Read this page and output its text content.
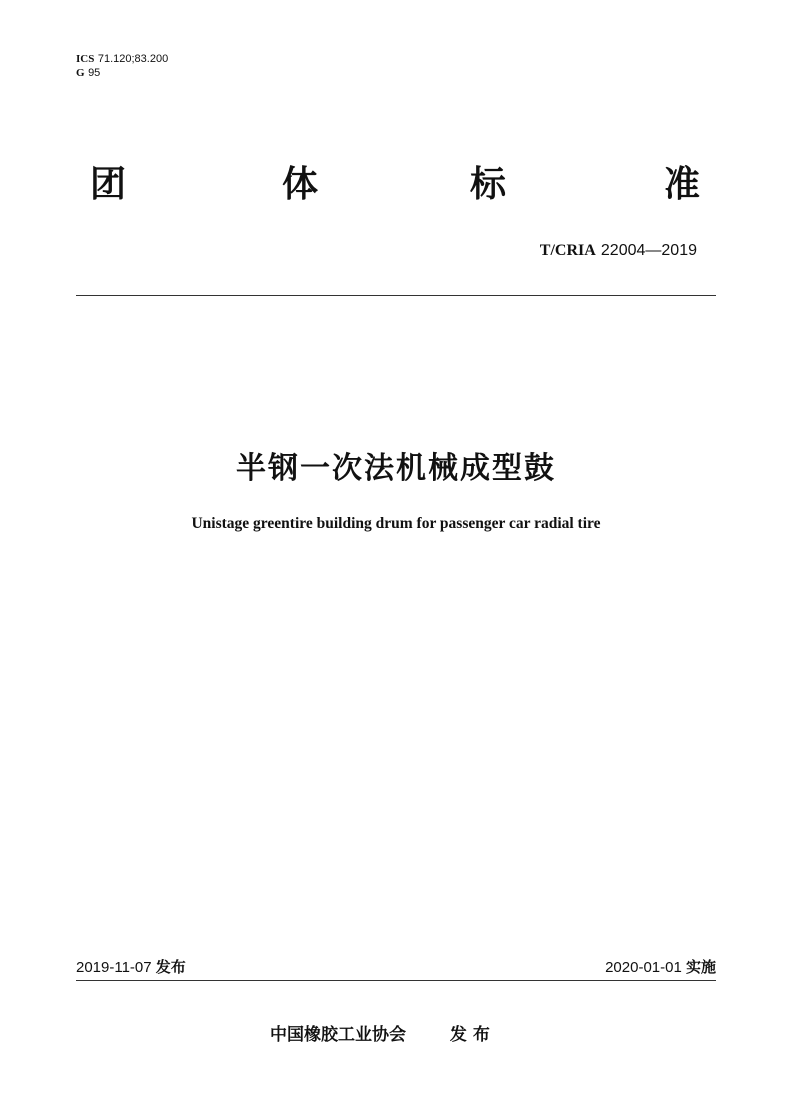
ICS 71.120;83.200
G 95
团	体	标	准
T/CRIA 22004—2019
半钢一次法机械成型鼓
Unistage greentire building drum for passenger car radial tire
2019-11-07 发布	2020-01-01 实施
中国橡胶工业协会	发布
